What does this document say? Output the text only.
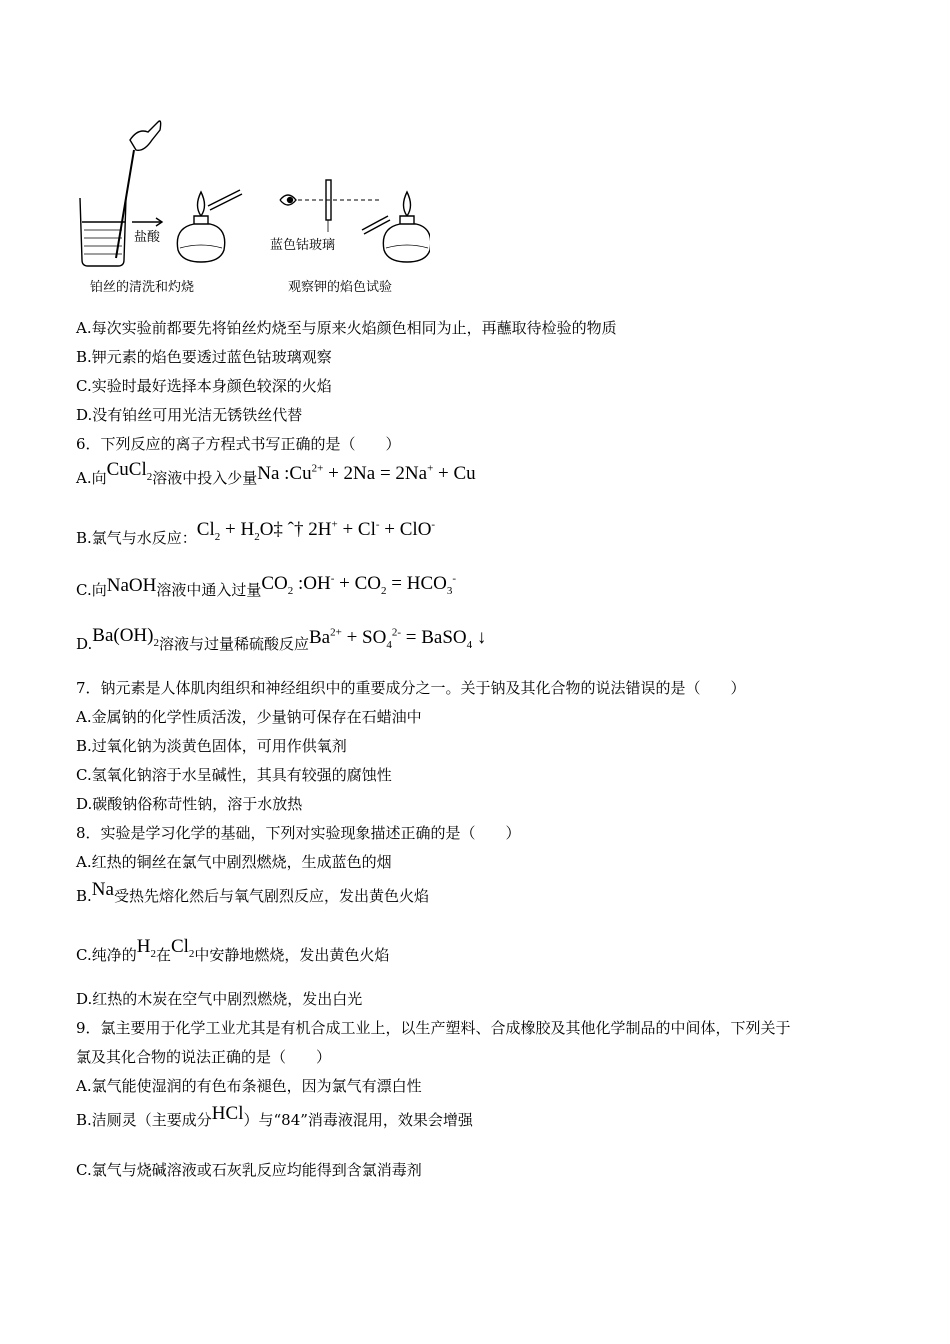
盐酸
蓝色钴玻璃
铂丝的清洗和灼烧	观察钾的焰色试验
A.每次实验前都要先将铂丝灼烧至与原来火焰颜色相同为止，再蘸取待检验的物质
B.钾元素的焰色要透过蓝色钴玻璃观察
C.实验时最好选择本身颜色较深的火焰
D.没有铂丝可用光洁无锈铁丝代替
6．下列反应的离子方程式书写正确的是（　　）
A.向CuCl$_2$溶液中投入少量Na $:Cu^{2+} + 2Na = 2Na^+ + Cu$
B.氯气与水反应：$Cl_2$ + $H_2O\ddagger$ ˆ† 2H+ + Cl- + ClO-
C.向NaOH溶液中通入过量$CO_2$ :OH- + $CO_2 = HCO_3^-$
$D.Ba(OH)_2$溶液与过量稀硫酸反应$Ba^{2+} + SO_4^{2-}$ = BaSO$_4$ ↓
7．钠元素是人体肌肉组织和神经组织中的重要成分之一。关于钠及其化合物的说法错误的是（　　）
A.金属钠的化学性质活泼，少量钠可保存在石蜡油中
B.过氧化钠为淡黄色固体，可用作供氧剂
C.氢氧化钠溶于水呈碱性，其具有较强的腐蚀性
D.碳酸钠俗称苛性钠，溶于水放热
8．实验是学习化学的基础，下列对实验现象描述正确的是（　　）
A.红热的铜丝在氯气中剧烈燃烧，生成蓝色的烟
B.Na受热先熔化然后与氧气剧烈反应，发出黄色火焰
C.纯净的$H_2$在$Cl_2$中安静地燃烧，发出黄色火焰
D.红热的木炭在空气中剧烈燃烧，发出白光
9．氯主要用于化学工业尤其是有机合成工业上，以生产塑料、合成橡胶及其他化学制品的中间体，下列关于
氯及其化合物的说法正确的是（　　）
A.氯气能使湿润的有色布条褪色，因为氯气有漂白性
B.洁厕灵（主要成分HCl）与“84”消毒液混用，效果会增强
C.氯气与烧碱溶液或石灰乳反应均能得到含氯消毒剂
